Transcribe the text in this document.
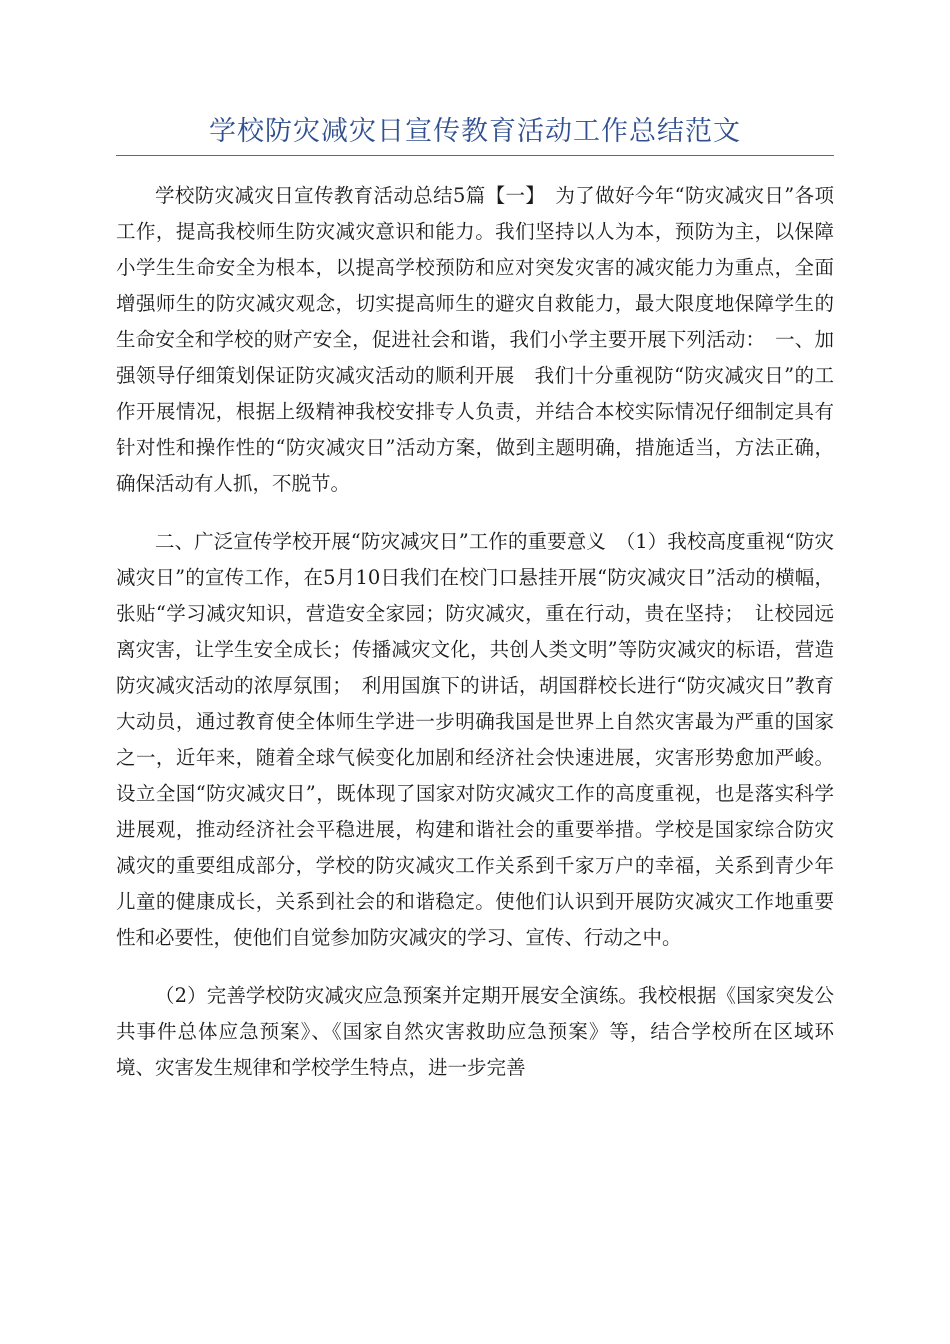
学校防灾减灾日宣传教育活动工作总结范文

学校防灾减灾日宣传教育活动总结5篇【一】　为了做好今年“防灾减灾日”各项工作，提高我校师生防灾减灾意识和能力。我们坚持以人为本，预防为主，以保障小学生生命安全为根本，以提高学校预防和应对突发灾害的减灾能力为重点，全面增强师生的防灾减灾观念，切实提高师生的避灾自救能力，最大限度地保障学生的生命安全和学校的财产安全，促进社会和谐，我们小学主要开展下列活动：　一、加强领导仔细策划保证防灾减灾活动的顺利开展　我们十分重视防“防灾减灾日”的工作开展情况，根据上级精神我校安排专人负责，并结合本校实际情况仔细制定具有针对性和操作性的“防灾减灾日”活动方案，做到主题明确，措施适当，方法正确，确保活动有人抓，不脱节。

二、广泛宣传学校开展“防灾减灾日”工作的重要意义　（1）我校高度重视“防灾减灾日”的宣传工作，在5月10日我们在校门口悬挂开展“防灾减灾日”活动的横幅，张贴“学习减灾知识，营造安全家园；防灾减灾，重在行动，贵在坚持；　让校园远离灾害，让学生安全成长；传播减灾文化，共创人类文明”等防灾减灾的标语，营造防灾减灾活动的浓厚氛围；　利用国旗下的讲话，胡国群校长进行“防灾减灾日”教育大动员，通过教育使全体师生学进一步明确我国是世界上自然灾害最为严重的国家之一，近年来，随着全球气候变化加剧和经济社会快速进展，灾害形势愈加严峻。设立全国“防灾减灾日”，既体现了国家对防灾减灾工作的高度重视，也是落实科学进展观，推动经济社会平稳进展，构建和谐社会的重要举措。学校是国家综合防灾减灾的重要组成部分，学校的防灾减灾工作关系到千家万户的幸福，关系到青少年儿童的健康成长，关系到社会的和谐稳定。使他们认识到开展防灾减灾工作地重要性和必要性，使他们自觉参加防灾减灾的学习、宣传、行动之中。

（2）完善学校防灾减灾应急预案并定期开展安全演练。我校根据《国家突发公共事件总体应急预案》、《国家自然灾害救助应急预案》等，结合学校所在区域环境、灾害发生规律和学校学生特点，进一步完善
